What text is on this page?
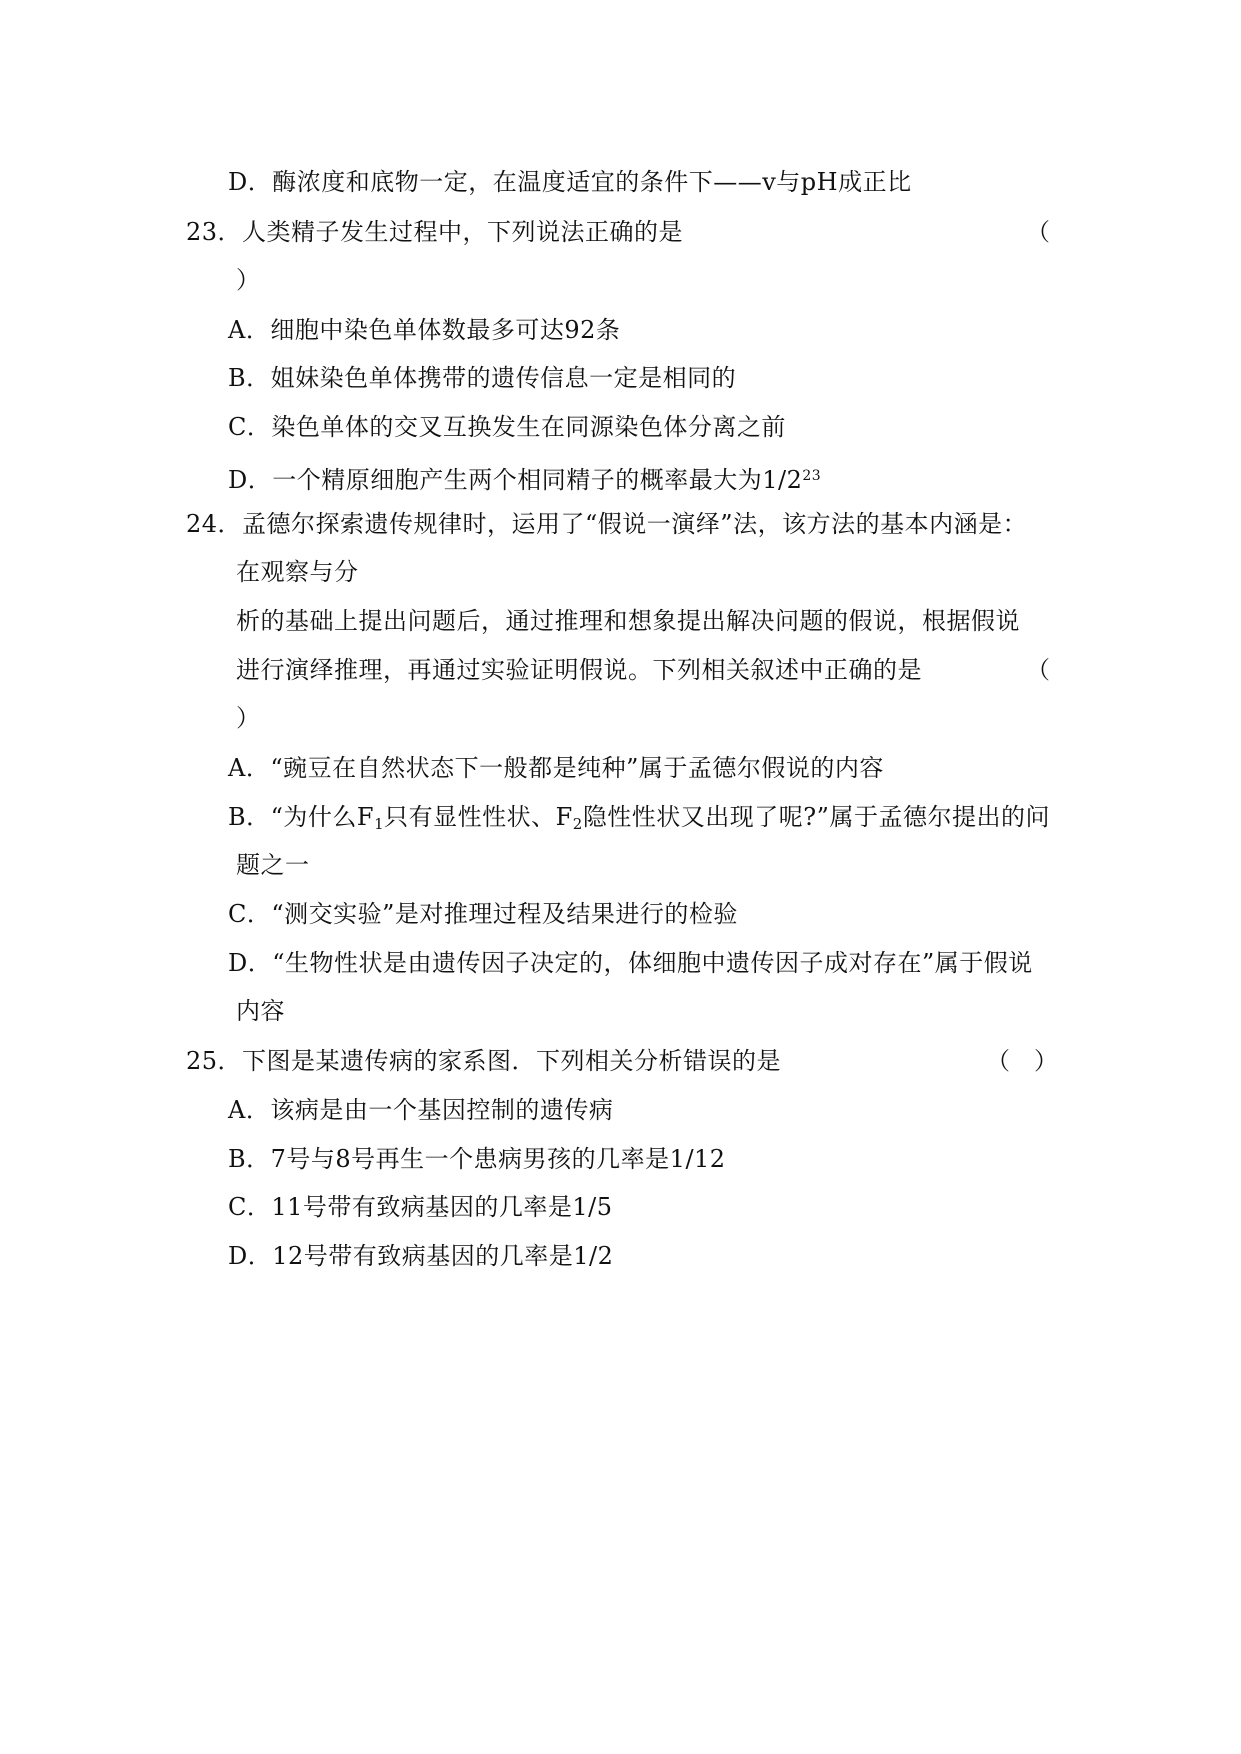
D．酶浓度和底物一定，在温度适宜的条件下——v与pH成正比
23．人类精子发生过程中，下列说法正确的是	（
）
A．细胞中染色单体数最多可达92条
B．姐妹染色单体携带的遗传信息一定是相同的
C．染色单体的交叉互换发生在同源染色体分离之前
D．一个精原细胞产生两个相同精子的概率最大为$1/2^{23}$
24．孟德尔探索遗传规律时，运用了“假说一演绎”法，该方法的基本内涵是：
在观察与分
析的基础上提出问题后，通过推理和想象提出解决问题的假说，根据假说
进行演绎推理，再通过实验证明假说。下列相关叙述中正确的是	（
）
A．“豌豆在自然状态下一般都是纯种”属于孟德尔假说的内容
B．“为什么$F_1$只有显性性状、$F_2$隐性性状又出现了呢?”属于孟德尔提出的问
题之一
C．“测交实验”是对推理过程及结果进行的检验
D．“生物性状是由遗传因子决定的，体细胞中遗传因子成对存在”属于假说
内容
25．下图是某遗传病的家系图．下列相关分析错误的是	（　）
A．该病是由一个基因控制的遗传病
B．7号与8号再生一个患病男孩的几率是1/12
C．11号带有致病基因的几率是1/5
D．12号带有致病基因的几率是1/2
